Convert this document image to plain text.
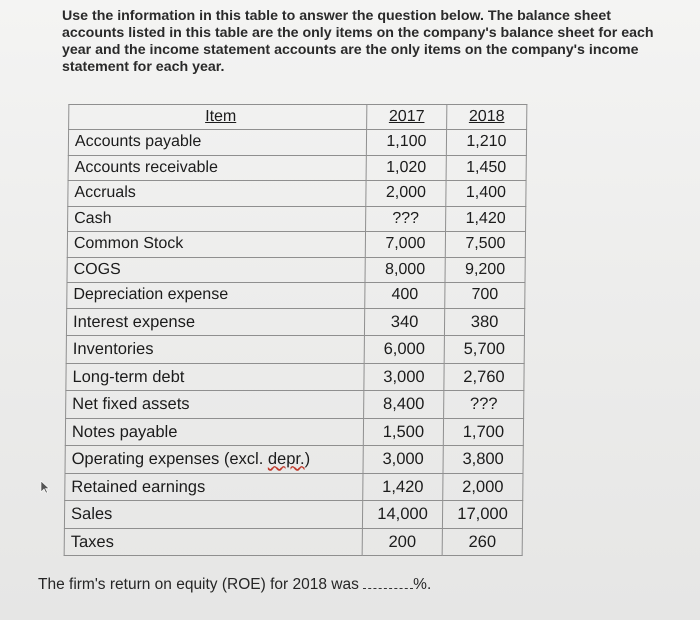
Use the information in this table to answer the question below. The balance sheet accounts listed in this table are the only items on the company's balance sheet for each year and the income statement accounts are the only items on the company's income statement for each year.
Item	2017	2018
Accounts payable	1,100	1,210
Accounts receivable	1,020	1,450
Accruals	2,000	1,400
Cash	???	1,420
Common Stock	7,000	7,500
COGS	8,000	9,200
Depreciation expense	400	700
Interest expense	340	380
Inventories	6,000	5,700
Long-term debt	3,000	2,760
Net fixed assets	8,400	???
Notes payable	1,500	1,700
Operating expenses (excl. depr.)	3,000	3,800
Retained earnings	1,420	2,000
Sales	14,000	17,000
Taxes	200	260
The firm's return on equity (ROE) for 2018 was	%.
